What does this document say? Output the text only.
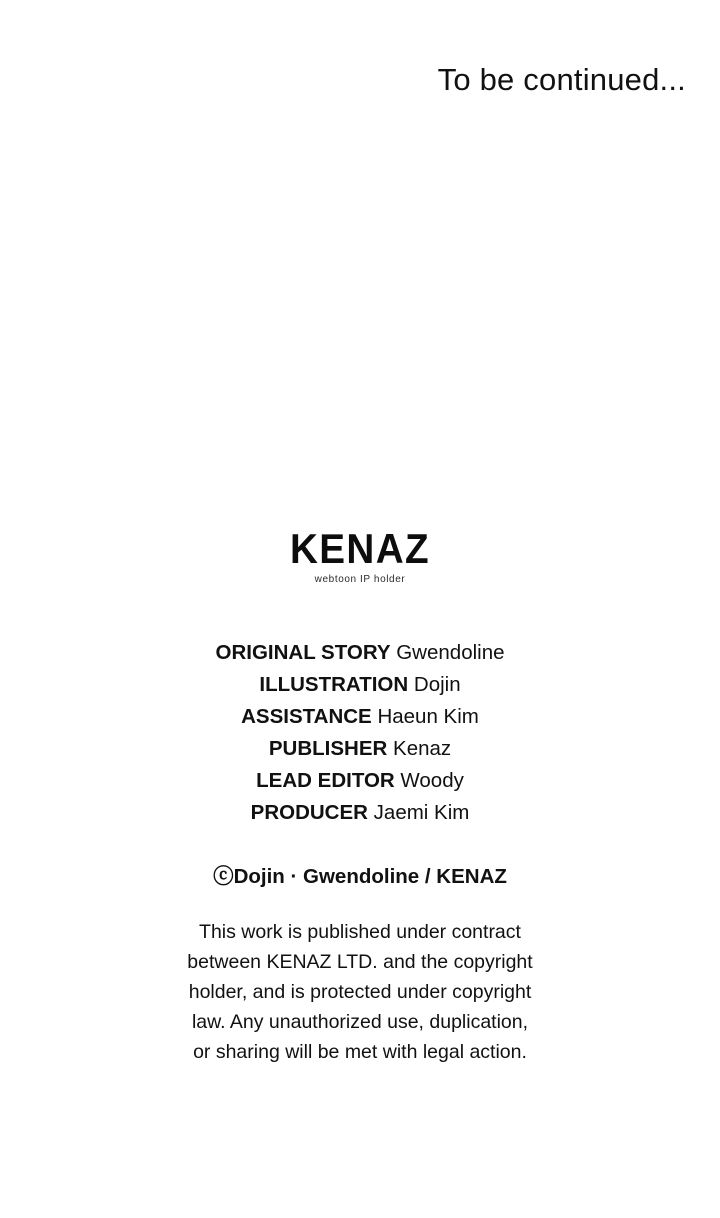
To be continued...
KENAZ
webtoon IP holder
ORIGINAL STORY Gwendoline
ILLUSTRATION Dojin
ASSISTANCE Haeun Kim
PUBLISHER Kenaz
LEAD EDITOR Woody
PRODUCER Jaemi Kim
ⓒDojin · Gwendoline / KENAZ
This work is published under contract
between KENAZ LTD. and the copyright
holder, and is protected under copyright
law. Any unauthorized use, duplication,
or sharing will be met with legal action.
